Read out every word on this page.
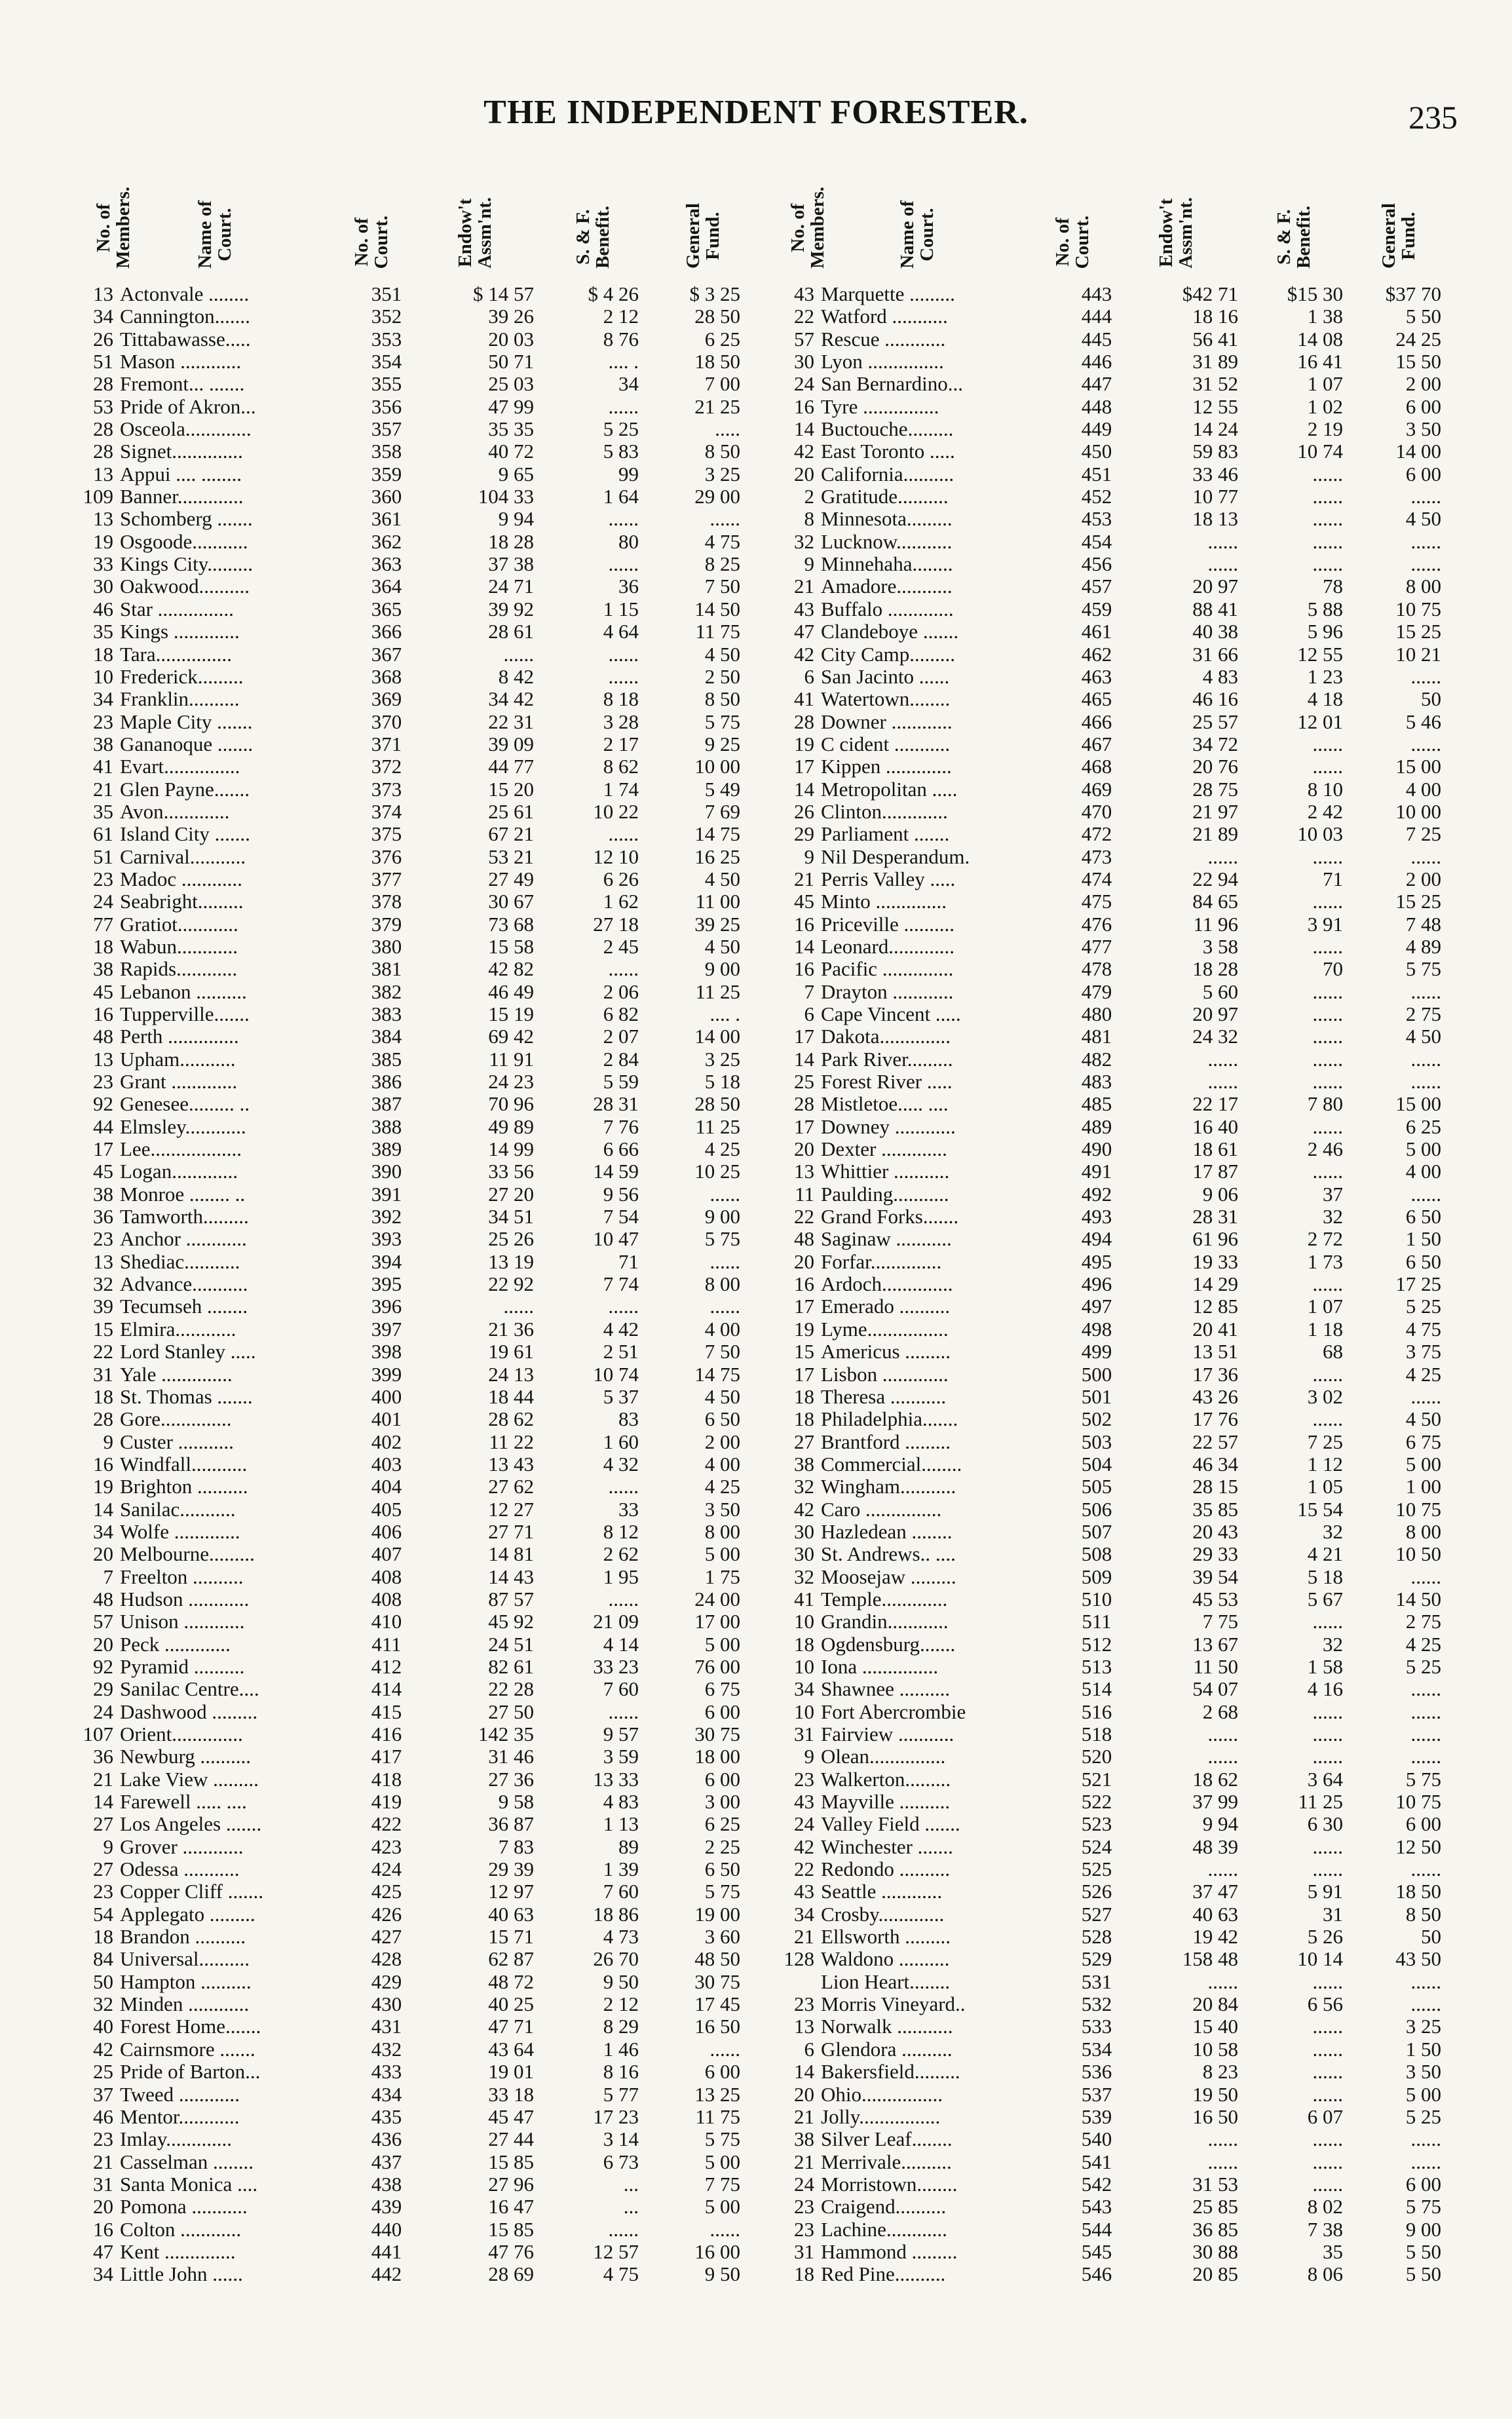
THE INDEPENDENT FORESTER.	235
No. of
Members.	Name of
Court.	No. of
Court.	Endow't
Assm'nt.	S. & F.
Benefit.	General
Fund.	No. of
Members.	Name of
Court.	No. of
Court.	Endow't
Assm'nt.	S. & F.
Benefit.	General
Fund.
13 Actonvale ........	351	$ 14 57	$ 4 26	$ 3 25
34 Cannington.......	352	39 26	2 12	28 50
26 Tittabawasse.....	353	20 03	8 76	6 25
51 Mason ............	354	50 71	.... .	18 50
28 Fremont... .......	355	25 03	34	7 00
53 Pride of Akron...	356	47 99	......	21 25
28 Osceola.............	357	35 35	5 25	.....
28 Signet..............	358	40 72	5 83	8 50
13 Appui .... ........	359	9 65	99	3 25
109 Banner.............	360	104 33	1 64	29 00
13 Schomberg .......	361	9 94	......	......
19 Osgoode...........	362	18 28	80	4 75
33 Kings City.........	363	37 38	......	8 25
30 Oakwood..........	364	24 71	36	7 50
46 Star ...............	365	39 92	1 15	14 50
35 Kings .............	366	28 61	4 64	11 75
18 Tara...............	367	......	......	4 50
10 Frederick.........	368	8 42	......	2 50
34 Franklin..........	369	34 42	8 18	8 50
23 Maple City .......	370	22 31	3 28	5 75
38 Gananoque .......	371	39 09	2 17	9 25
41 Evart...............	372	44 77	8 62	10 00
21 Glen Payne.......	373	15 20	1 74	5 49
35 Avon.............	374	25 61	10 22	7 69
61 Island City .......	375	67 21	......	14 75
51 Carnival...........	376	53 21	12 10	16 25
23 Madoc ............	377	27 49	6 26	4 50
24 Seabright.........	378	30 67	1 62	11 00
77 Gratiot............	379	73 68	27 18	39 25
18 Wabun............	380	15 58	2 45	4 50
38 Rapids............	381	42 82	......	9 00
45 Lebanon ..........	382	46 49	2 06	11 25
16 Tupperville.......	383	15 19	6 82	.... .
48 Perth ..............	384	69 42	2 07	14 00
13 Upham...........	385	11 91	2 84	3 25
23 Grant .............	386	24 23	5 59	5 18
92 Genesee......... ..	387	70 96	28 31	28 50
44 Elmsley............	388	49 89	7 76	11 25
17 Lee..................	389	14 99	6 66	4 25
45 Logan.............	390	33 56	14 59	10 25
38 Monroe ........ ..	391	27 20	9 56	......
36 Tamworth.........	392	34 51	7 54	9 00
23 Anchor ............	393	25 26	10 47	5 75
13 Shediac...........	394	13 19	71	......
32 Advance...........	395	22 92	7 74	8 00
39 Tecumseh ........	396	......	......	......
15 Elmira............	397	21 36	4 42	4 00
22 Lord Stanley .....	398	19 61	2 51	7 50
31 Yale ..............	399	24 13	10 74	14 75
18 St. Thomas .......	400	18 44	5 37	4 50
28 Gore..............	401	28 62	83	6 50
9 Custer ...........	402	11 22	1 60	2 00
16 Windfall...........	403	13 43	4 32	4 00
19 Brighton ..........	404	27 62	......	4 25
14 Sanilac...........	405	12 27	33	3 50
34 Wolfe .............	406	27 71	8 12	8 00
20 Melbourne.........	407	14 81	2 62	5 00
7 Freelton ..........	408	14 43	1 95	1 75
48 Hudson ............	408	87 57	......	24 00
57 Unison ............	410	45 92	21 09	17 00
20 Peck .............	411	24 51	4 14	5 00
92 Pyramid ..........	412	82 61	33 23	76 00
29 Sanilac Centre....	414	22 28	7 60	6 75
24 Dashwood .........	415	27 50	......	6 00
107 Orient..............	416	142 35	9 57	30 75
36 Newburg ..........	417	31 46	3 59	18 00
21 Lake View .........	418	27 36	13 33	6 00
14 Farewell ..... ....	419	9 58	4 83	3 00
27 Los Angeles .......	422	36 87	1 13	6 25
9 Grover ............	423	7 83	89	2 25
27 Odessa ...........	424	29 39	1 39	6 50
23 Copper Cliff .......	425	12 97	7 60	5 75
54 Applegato .........	426	40 63	18 86	19 00
18 Brandon ..........	427	15 71	4 73	3 60
84 Universal..........	428	62 87	26 70	48 50
50 Hampton ..........	429	48 72	9 50	30 75
32 Minden ............	430	40 25	2 12	17 45
40 Forest Home.......	431	47 71	8 29	16 50
42 Cairnsmore .......	432	43 64	1 46	......
25 Pride of Barton...	433	19 01	8 16	6 00
37 Tweed ............	434	33 18	5 77	13 25
46 Mentor............	435	45 47	17 23	11 75
23 Imlay.............	436	27 44	3 14	5 75
21 Casselman ........	437	15 85	6 73	5 00
31 Santa Monica ....	438	27 96	...	7 75
20 Pomona ...........	439	16 47	...	5 00
16 Colton ............	440	15 85	......	......
47 Kent ..............	441	47 76	12 57	16 00
34 Little John ......	442	28 69	4 75	9 50
43 Marquette .........	443	$42 71	$15 30	$37 70
22 Watford ...........	444	18 16	1 38	5 50
57 Rescue ............	445	56 41	14 08	24 25
30 Lyon ...............	446	31 89	16 41	15 50
24 San Bernardino...	447	31 52	1 07	2 00
16 Tyre ...............	448	12 55	1 02	6 00
14 Buctouche.........	449	14 24	2 19	3 50
42 East Toronto .....	450	59 83	10 74	14 00
20 California..........	451	33 46	......	6 00
2 Gratitude..........	452	10 77	......	......
8 Minnesota.........	453	18 13	......	4 50
32 Lucknow...........	454	......	......	......
9 Minnehaha........	456	......	......	......
21 Amadore...........	457	20 97	78	8 00
43 Buffalo .............	459	88 41	5 88	10 75
47 Clandeboye .......	461	40 38	5 96	15 25
42 City Camp.........	462	31 66	12 55	10 21
6 San Jacinto ......	463	4 83	1 23	......
41 Watertown........	465	46 16	4 18	50
28 Downer ............	466	25 57	12 01	5 46
19 C cident ...........	467	34 72	......	......
17 Kippen .............	468	20 76	......	15 00
14 Metropolitan .....	469	28 75	8 10	4 00
26 Clinton.............	470	21 97	2 42	10 00
29 Parliament .......	472	21 89	10 03	7 25
9 Nil Desperandum.	473	......	......	......
21 Perris Valley .....	474	22 94	71	2 00
45 Minto ..............	475	84 65	......	15 25
16 Priceville ..........	476	11 96	3 91	7 48
14 Leonard.............	477	3 58	......	4 89
16 Pacific ..............	478	18 28	70	5 75
7 Drayton ............	479	5 60	......	......
6 Cape Vincent .....	480	20 97	......	2 75
17 Dakota..............	481	24 32	......	4 50
14 Park River.........	482	......	......	......
25 Forest River .....	483	......	......	......
28 Mistletoe..... ....	485	22 17	7 80	15 00
17 Downey ............	489	16 40	......	6 25
20 Dexter .............	490	18 61	2 46	5 00
13 Whittier ...........	491	17 87	......	4 00
11 Paulding...........	492	9 06	37	......
22 Grand Forks.......	493	28 31	32	6 50
48 Saginaw ...........	494	61 96	2 72	1 50
20 Forfar..............	495	19 33	1 73	6 50
16 Ardoch..............	496	14 29	......	17 25
17 Emerado ..........	497	12 85	1 07	5 25
19 Lyme................	498	20 41	1 18	4 75
15 Americus .........	499	13 51	68	3 75
17 Lisbon .............	500	17 36	......	4 25
18 Theresa ...........	501	43 26	3 02	......
18 Philadelphia.......	502	17 76	......	4 50
27 Brantford .........	503	22 57	7 25	6 75
38 Commercial........	504	46 34	1 12	5 00
32 Wingham...........	505	28 15	1 05	1 00
42 Caro ...............	506	35 85	15 54	10 75
30 Hazledean ........	507	20 43	32	8 00
30 St. Andrews.. ....	508	29 33	4 21	10 50
32 Moosejaw .........	509	39 54	5 18	......
41 Temple.............	510	45 53	5 67	14 50
10 Grandin............	511	7 75	......	2 75
18 Ogdensburg.......	512	13 67	32	4 25
10 Iona ...............	513	11 50	1 58	5 25
34 Shawnee ..........	514	54 07	4 16	......
10 Fort Abercrombie	516	2 68	......	......
31 Fairview ...........	518	......	......	......
9 Olean...............	520	......	......	......
23 Walkerton.........	521	18 62	3 64	5 75
43 Mayville ..........	522	37 99	11 25	10 75
24 Valley Field .......	523	9 94	6 30	6 00
42 Winchester .......	524	48 39	......	12 50
22 Redondo ..........	525	......	......	......
43 Seattle ............	526	37 47	5 91	18 50
34 Crosby.............	527	40 63	31	8 50
21 Ellsworth .........	528	19 42	5 26	50
128 Waldono ..........	529	158 48	10 14	43 50
Lion Heart........	531	......	......	......
23 Morris Vineyard..	532	20 84	6 56	......
13 Norwalk ...........	533	15 40	......	3 25
6 Glendora ..........	534	10 58	......	1 50
14 Bakersfield.........	536	8 23	......	3 50
20 Ohio................	537	19 50	......	5 00
21 Jolly................	539	16 50	6 07	5 25
38 Silver Leaf........	540	......	......	......
21 Merrivale..........	541	......	......	......
24 Morristown........	542	31 53	......	6 00
23 Craigend..........	543	25 85	8 02	5 75
23 Lachine............	544	36 85	7 38	9 00
31 Hammond .........	545	30 88	35	5 50
18 Red Pine..........	546	20 85	8 06	5 50
